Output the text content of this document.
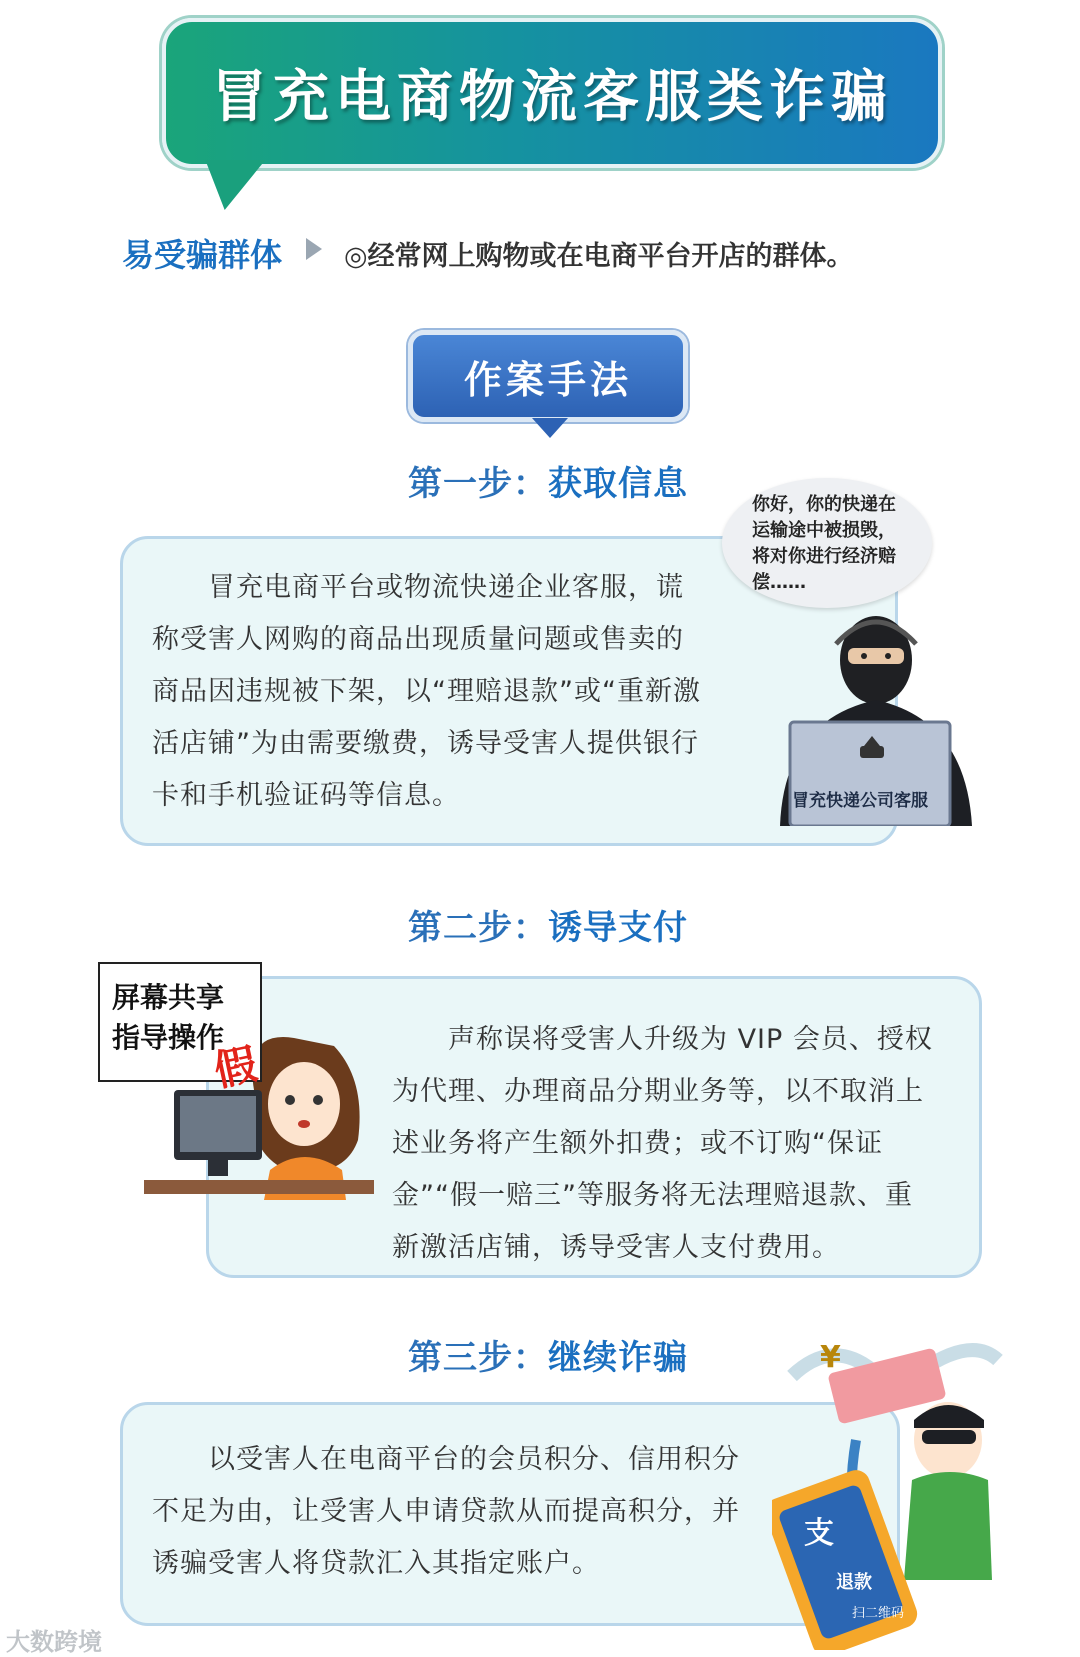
冒充电商物流客服类诈骗
易受骗群体 ◎经常网上购物或在电商平台开店的群体。
作案手法
第一步：获取信息
冒充电商平台或物流快递企业客服，谎称受害人网购的商品出现质量问题或售卖的商品因违规被下架，以“理赔退款”或“重新激活店铺”为由需要缴费，诱导受害人提供银行卡和手机验证码等信息。
你好，你的快递在运输途中被损毁，将对你进行经济赔偿……
冒充快递公司客服
第二步：诱导支付
声称误将受害人升级为 VIP 会员、授权为代理、办理商品分期业务等，以不取消上述业务将产生额外扣费；或不订购“保证金”“假一赔三”等服务将无法理赔退款、重新激活店铺，诱导受害人支付费用。
屏幕共享指导操作
假
第三步：继续诈骗
以受害人在电商平台的会员积分、信用积分不足为由，让受害人申请贷款从而提高积分，并诱骗受害人将贷款汇入其指定账户。
¥
支
退款
扫二维码
大数跨境
